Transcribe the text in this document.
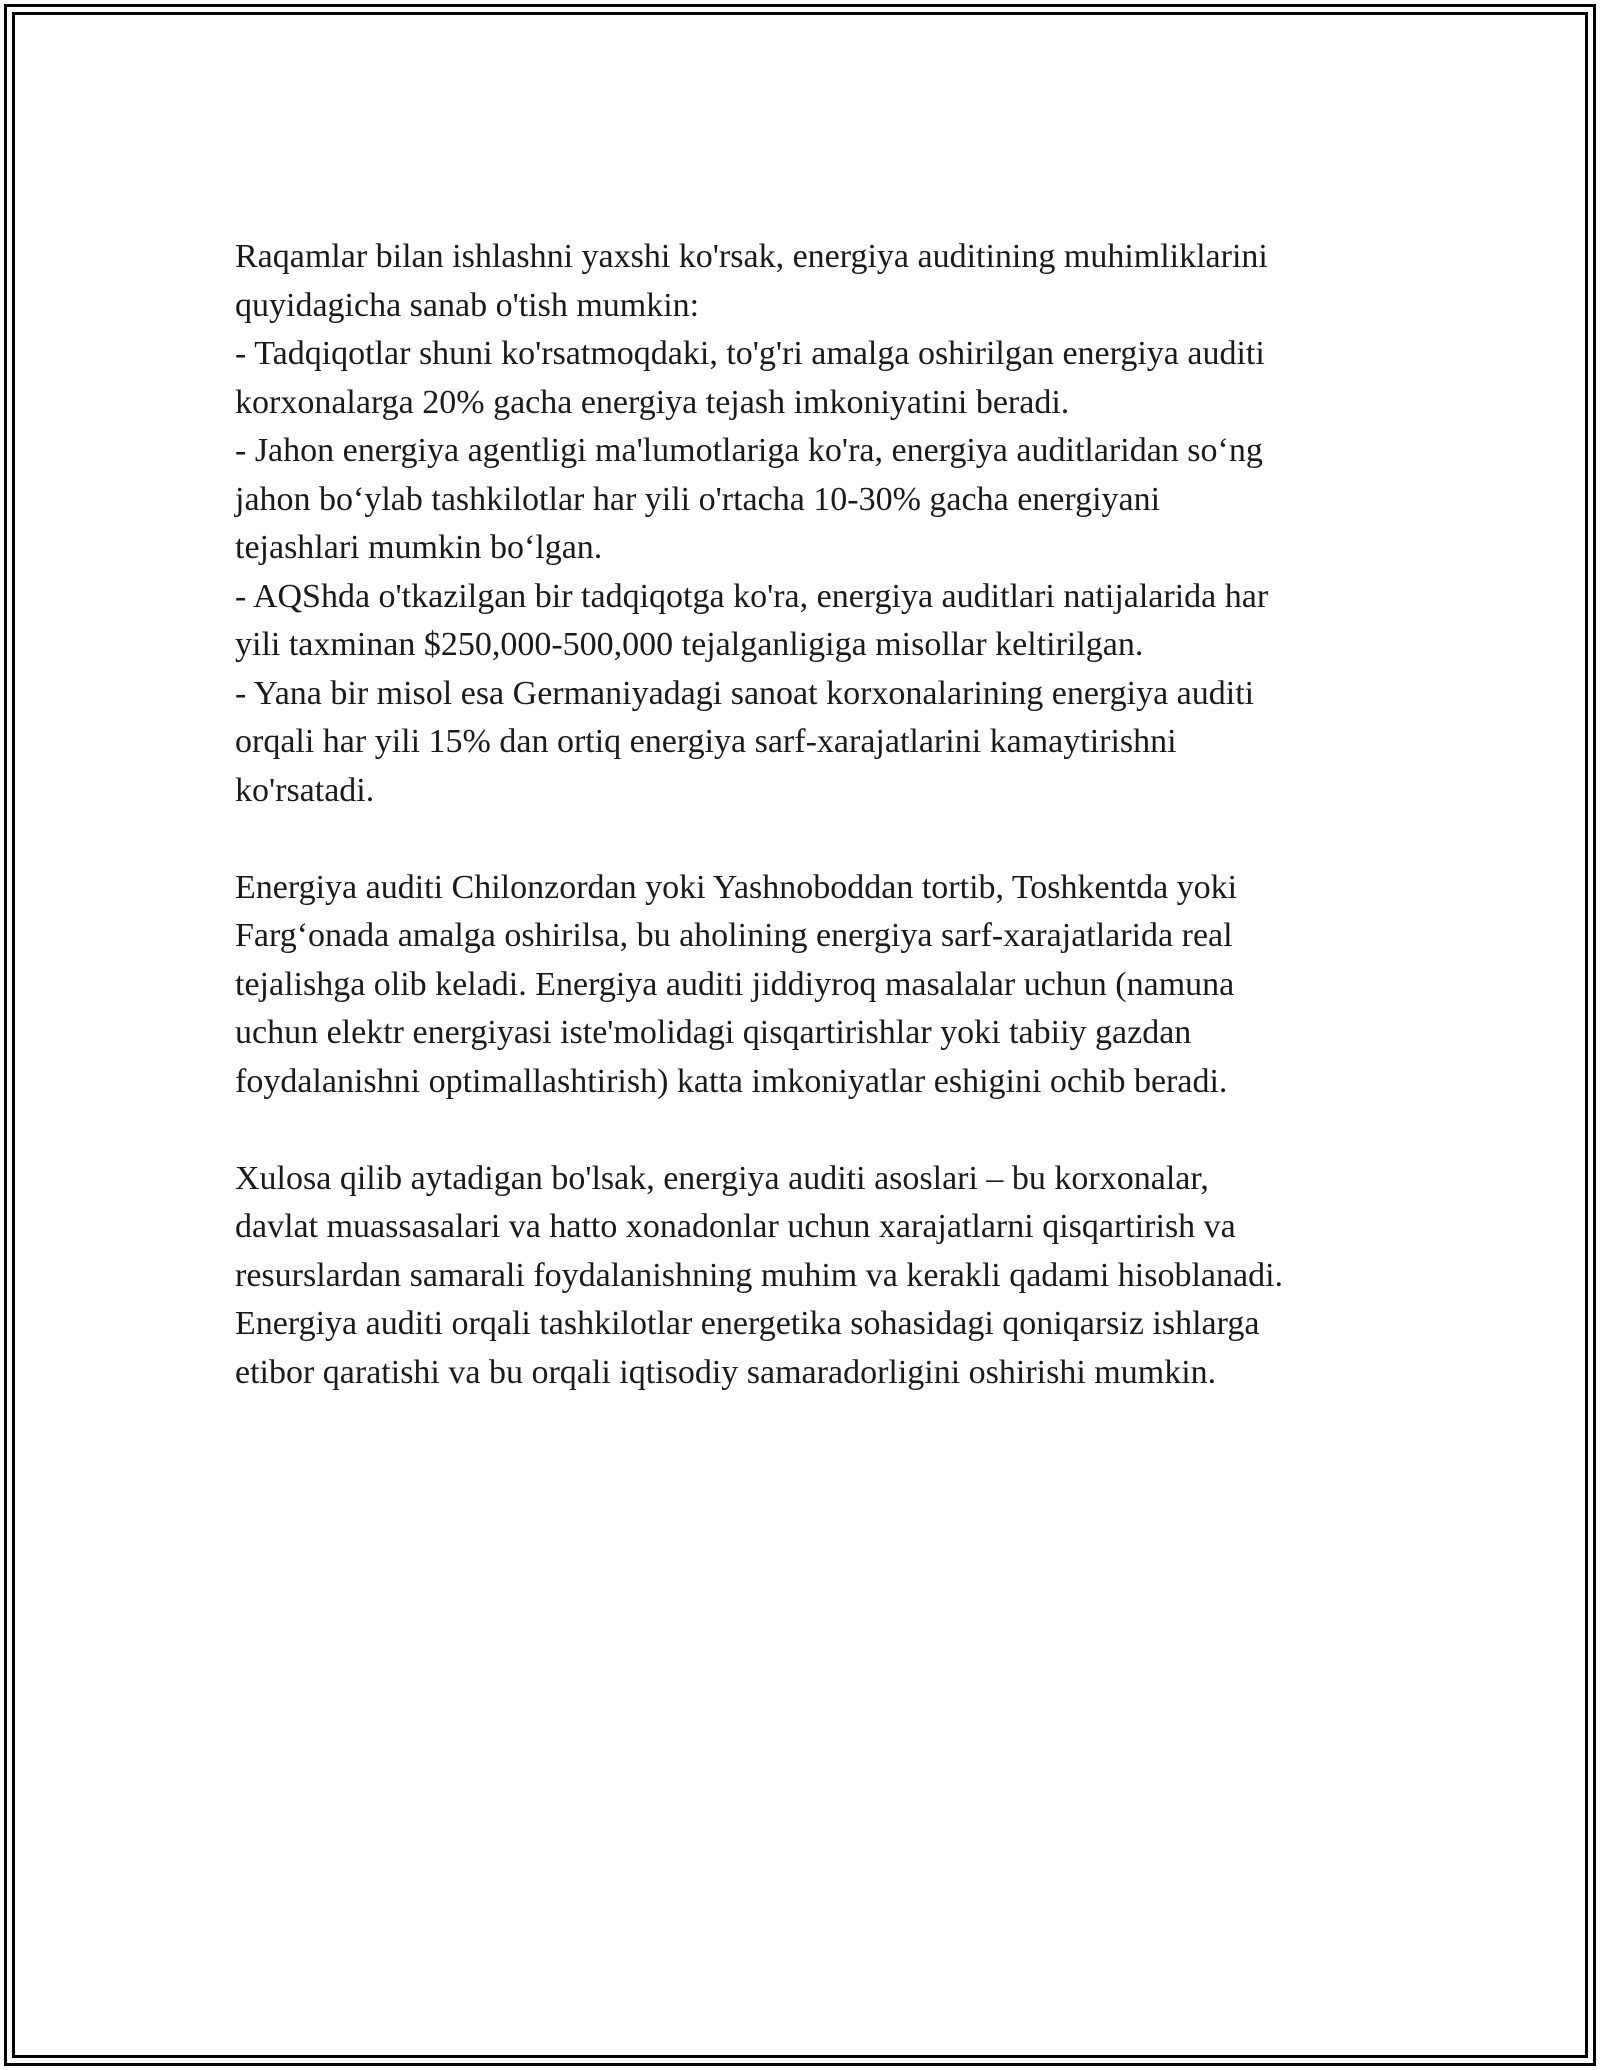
Raqamlar bilan ishlashni yaxshi ko'rsak, energiya auditining muhimliklarini
quyidagicha sanab o'tish mumkin:
- Tadqiqotlar shuni ko'rsatmoqdaki, to'g'ri amalga oshirilgan energiya auditi
korxonalarga 20% gacha energiya tejash imkoniyatini beradi.
- Jahon energiya agentligi ma'lumotlariga ko'ra, energiya auditlaridan so‘ng
jahon bo‘ylab tashkilotlar har yili o'rtacha 10-30% gacha energiyani
tejashlari mumkin bo‘lgan.
- AQShda o'tkazilgan bir tadqiqotga ko'ra, energiya auditlari natijalarida har
yili taxminan $250,000-500,000 tejalganligiga misollar keltirilgan.
- Yana bir misol esa Germaniyadagi sanoat korxonalarining energiya auditi
orqali har yili 15% dan ortiq energiya sarf-xarajatlarini kamaytirishni
ko'rsatadi.

Energiya auditi Chilonzordan yoki Yashnoboddan tortib, Toshkentda yoki
Farg‘onada amalga oshirilsa, bu aholining energiya sarf-xarajatlarida real
tejalishga olib keladi. Energiya auditi jiddiyroq masalalar uchun (namuna
uchun elektr energiyasi iste'molidagi qisqartirishlar yoki tabiiy gazdan
foydalanishni optimallashtirish) katta imkoniyatlar eshigini ochib beradi.

Xulosa qilib aytadigan bo'lsak, energiya auditi asoslari – bu korxonalar,
davlat muassasalari va hatto xonadonlar uchun xarajatlarni qisqartirish va
resurslardan samarali foydalanishning muhim va kerakli qadami hisoblanadi.
Energiya auditi orqali tashkilotlar energetika sohasidagi qoniqarsiz ishlarga
etibor qaratishi va bu orqali iqtisodiy samaradorligini oshirishi mumkin.
